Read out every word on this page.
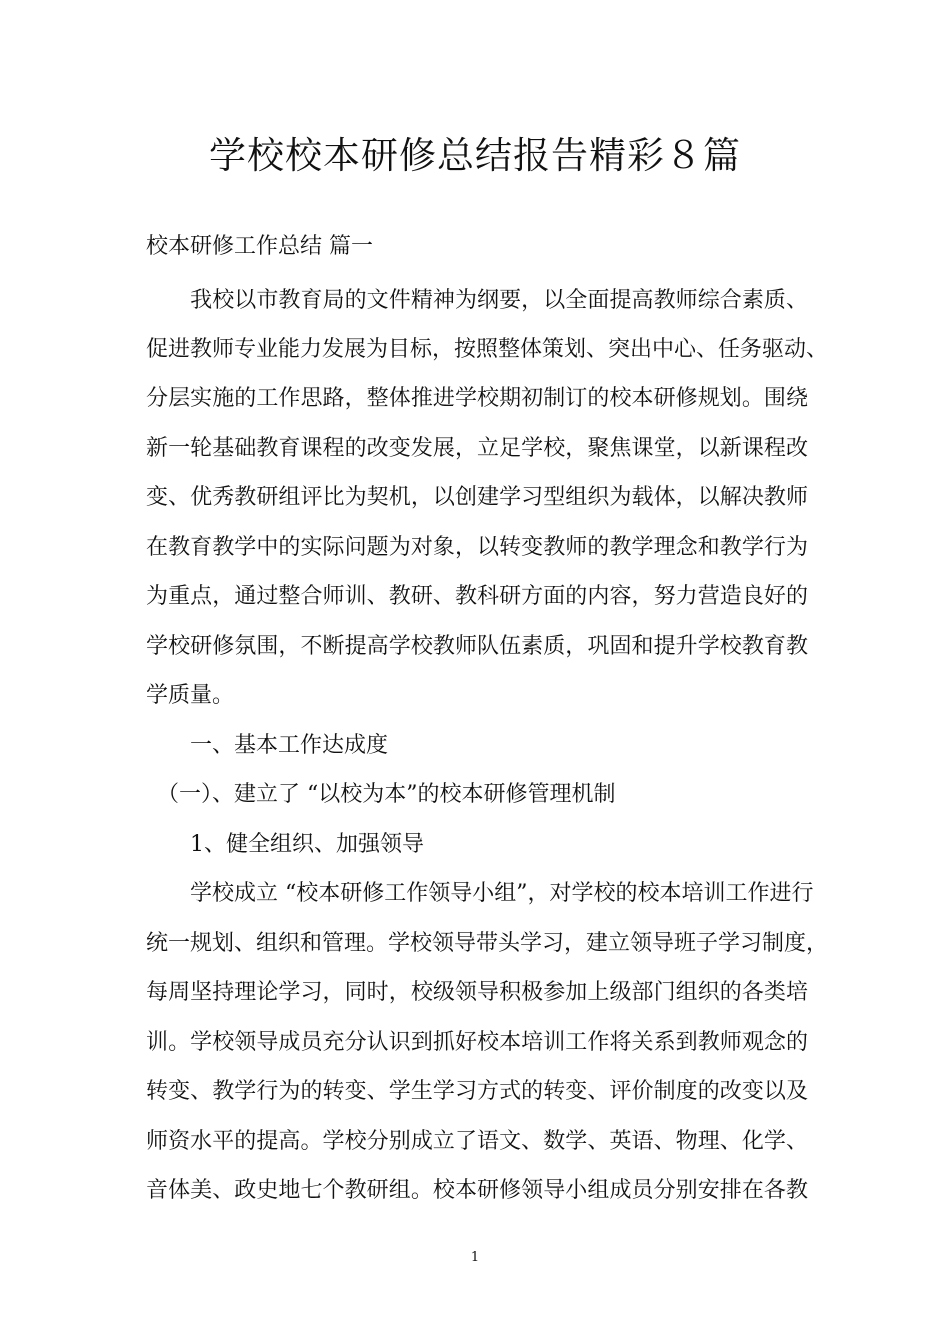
学校校本研修总结报告精彩８篇
校本研修工作总结 篇一
　　我校以市教育局的文件精神为纲要，以全面提高教师综合素质、
促进教师专业能力发展为目标，按照整体策划、突出中心、任务驱动、
分层实施的工作思路，整体推进学校期初制订的校本研修规划。围绕
新一轮基础教育课程的改变发展，立足学校，聚焦课堂，以新课程改
变、优秀教研组评比为契机，以创建学习型组织为载体，以解决教师
在教育教学中的实际问题为对象，以转变教师的教学理念和教学行为
为重点，通过整合师训、教研、教科研方面的内容，努力营造良好的
学校研修氛围，不断提高学校教师队伍素质，巩固和提升学校教育教
学质量。
　　一、基本工作达成度
　（一）、建立了 “以校为本”的校本研修管理机制
　　1、健全组织、加强领导
　　学校成立 “校本研修工作领导小组”，对学校的校本培训工作进行
统一规划、组织和管理。学校领导带头学习，建立领导班子学习制度，
每周坚持理论学习，同时，校级领导积极参加上级部门组织的各类培
训。学校领导成员充分认识到抓好校本培训工作将关系到教师观念的
转变、教学行为的转变、学生学习方式的转变、评价制度的改变以及
师资水平的提高。学校分别成立了语文、数学、英语、物理、化学、
音体美、政史地七个教研组。校本研修领导小组成员分别安排在各教
1
